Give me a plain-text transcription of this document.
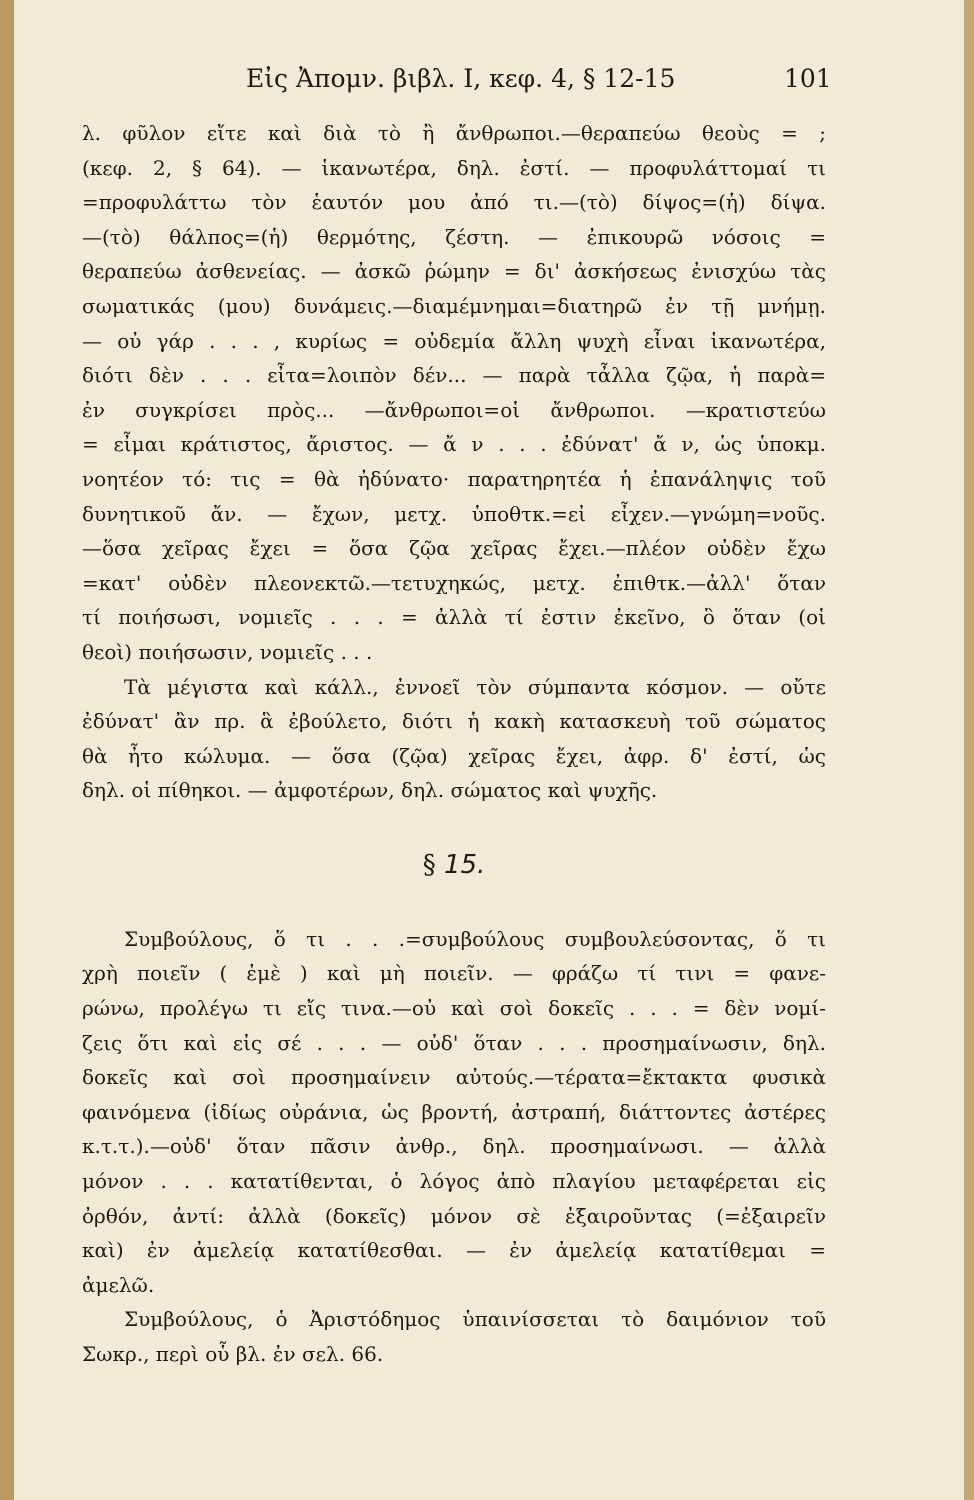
Εἰς Ἀπομν. βιβλ. I, κεφ. 4, § 12-15	101
λ. φῦλον εἴτε καὶ διὰ τὸ ἢ ἄνθρωποι.—θεραπεύω θεοὺς = ;
(κεφ. 2, § 64). — ἱκανωτέρα, δηλ. ἐστί. — προφυλάττομαί τι
=προφυλάττω τὸν ἑαυτόν μου ἀπό τι.—(τὸ) δίψος=(ἡ) δίψα.
—(τὸ) θάλπος=(ἡ) θερμότης, ζέστη. — ἐπικουρῶ νόσοις =
θεραπεύω ἀσθενείας. — ἀσκῶ ῥώμην = δι' ἀσκήσεως ἐνισχύω τὰς
σωματικάς (μου) δυνάμεις.—διαμέμνημαι=διατηρῶ ἐν τῇ μνήμῃ.
— οὐ γάρ . . . , κυρίως = οὐδεμία ἄλλη ψυχὴ εἶναι ἱκανωτέρα,
διότι δὲν . . . εἶτα=λοιπὸν δέν... — παρὰ τἆλλα ζῷα, ἡ παρὰ=
ἐν συγκρίσει πρὸς... —ἄνθρωποι=οἱ ἄνθρωποι. —κρατιστεύω
= εἶμαι κράτιστος, ἄριστος. — ἄ ν . . . ἐδύνατ' ἄ ν, ὡς ὑποκμ.
νοητέον τό: τις = θὰ ἠδύνατο· παρατηρητέα ἡ ἐπανάληψις τοῦ
δυνητικοῦ ἄν. — ἔχων, μετχ. ὑποθτκ.=εἰ εἶχεν.—γνώμη=νοῦς.
—ὅσα χεῖρας ἔχει = ὅσα ζῷα χεῖρας ἔχει.—πλέον οὐδὲν ἔχω
=κατ' οὐδὲν πλεονεκτῶ.—τετυχηκώς, μετχ. ἐπιθτκ.—ἀλλ' ὅταν
τί ποιήσωσι, νομιεῖς . . . = ἀλλὰ τί ἐστιν ἐκεῖνο, ὃ ὅταν (οἱ
θεοὶ) ποιήσωσιν, νομιεῖς . . .
Τὰ μέγιστα καὶ κάλλ., ἐννοεῖ τὸν σύμπαντα κόσμον. — οὔτε
ἐδύνατ' ἂν πρ. ἃ ἐβούλετο, διότι ἡ κακὴ κατασκευὴ τοῦ σώματος
θὰ ἦτο κώλυμα. — ὅσα (ζῷα) χεῖρας ἔχει, ἀφρ. δ' ἐστί, ὡς
δηλ. οἱ πίθηκοι. — ἀμφοτέρων, δηλ. σώματος καὶ ψυχῆς.
§ 15.
Συμβούλους, ὅ τι . . .=συμβούλους συμβουλεύσοντας, ὅ τι
χρὴ ποιεῖν ( ἐμὲ ) καὶ μὴ ποιεῖν. — φράζω τί τινι = φανε-
ρώνω, προλέγω τι εἴς τινα.—οὐ καὶ σοὶ δοκεῖς . . . = δὲν νομί-
ζεις ὅτι καὶ εἰς σέ . . . — οὐδ' ὅταν . . . προσημαίνωσιν, δηλ.
δοκεῖς καὶ σοὶ προσημαίνειν αὐτούς.—τέρατα=ἔκτακτα φυσικὰ
φαινόμενα (ἰδίως οὐράνια, ὡς βροντή, ἀστραπή, διάττοντες ἀστέρες
κ.τ.τ.).—οὐδ' ὅταν πᾶσιν ἀνθρ., δηλ. προσημαίνωσι. — ἀλλὰ
μόνον . . . κατατίθενται, ὁ λόγος ἀπὸ πλαγίου μεταφέρεται εἰς
ὀρθόν, ἀντί: ἀλλὰ (δοκεῖς) μόνον σὲ ἐξαιροῦντας (=ἐξαιρεῖν
καὶ) ἐν ἀμελείᾳ κατατίθεσθαι. — ἐν ἀμελείᾳ κατατίθεμαι =
ἀμελῶ.
Συμβούλους, ὁ Ἀριστόδημος ὑπαινίσσεται τὸ δαιμόνιον τοῦ
Σωκρ., περὶ οὗ βλ. ἐν σελ. 66.
